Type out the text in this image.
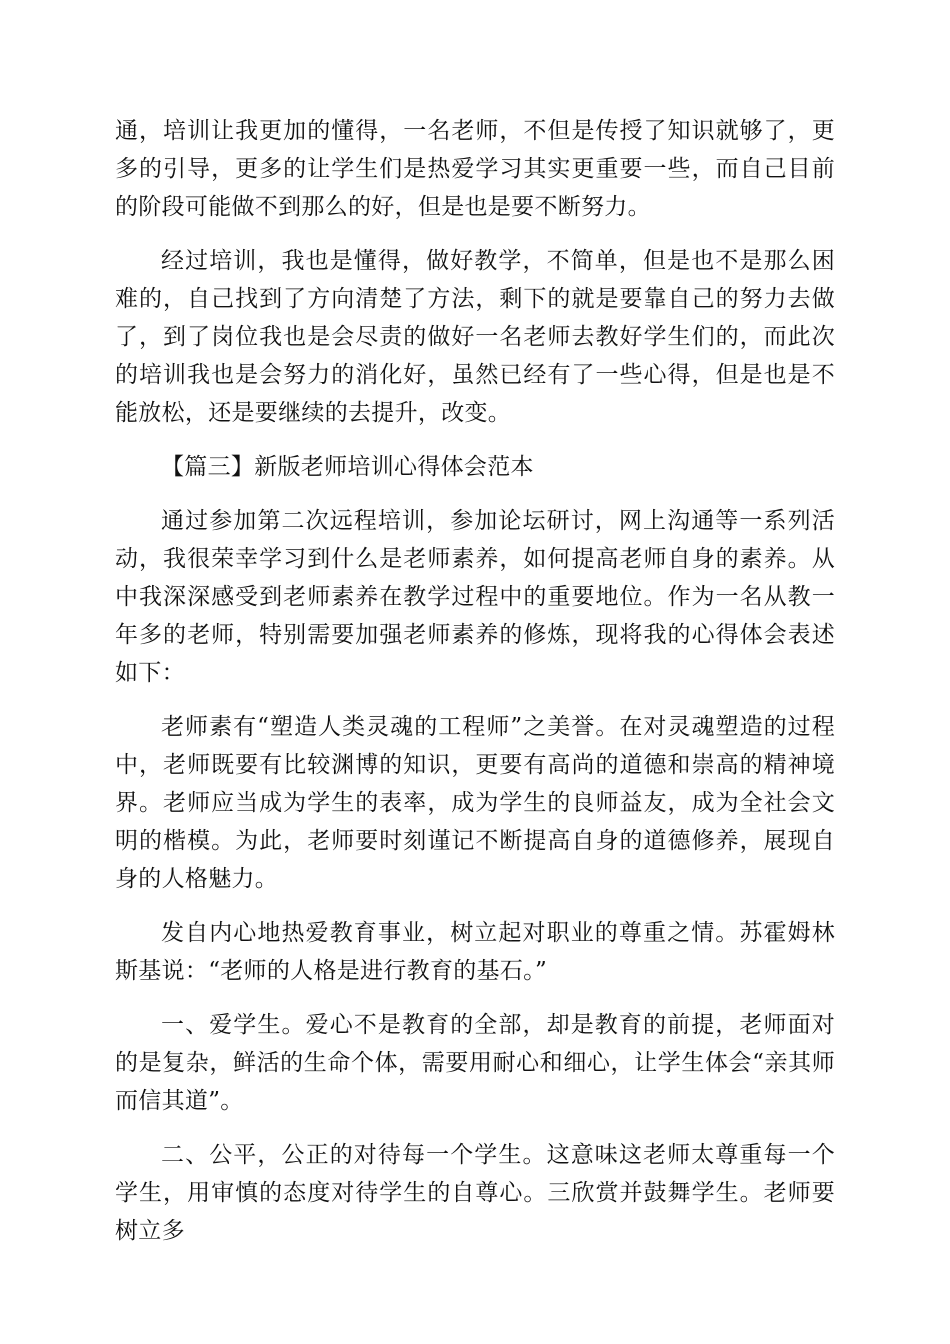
通，培训让我更加的懂得，一名老师，不但是传授了知识就够了，更多的引导，更多的让学生们是热爱学习其实更重要一些，而自己目前的阶段可能做不到那么的好，但是也是要不断努力。

经过培训，我也是懂得，做好教学，不简单，但是也不是那么困难的，自己找到了方向清楚了方法，剩下的就是要靠自己的努力去做了，到了岗位我也是会尽责的做好一名老师去教好学生们的，而此次的培训我也是会努力的消化好，虽然已经有了一些心得，但是也是不能放松，还是要继续的去提升，改变。

【篇三】新版老师培训心得体会范本

通过参加第二次远程培训，参加论坛研讨，网上沟通等一系列活动，我很荣幸学习到什么是老师素养，如何提高老师自身的素养。从中我深深感受到老师素养在教学过程中的重要地位。作为一名从教一年多的老师，特别需要加强老师素养的修炼，现将我的心得体会表述如下：

老师素有“塑造人类灵魂的工程师”之美誉。在对灵魂塑造的过程中，老师既要有比较渊博的知识，更要有高尚的道德和崇高的精神境界。老师应当成为学生的表率，成为学生的良师益友，成为全社会文明的楷模。为此，老师要时刻谨记不断提高自身的道德修养，展现自身的人格魅力。

发自内心地热爱教育事业，树立起对职业的尊重之情。苏霍姆林斯基说：“老师的人格是进行教育的基石。”

一、爱学生。爱心不是教育的全部，却是教育的前提，老师面对的是复杂，鲜活的生命个体，需要用耐心和细心，让学生体会“亲其师而信其道”。

二、公平，公正的对待每一个学生。这意味这老师太尊重每一个学生，用审慎的态度对待学生的自尊心。三欣赏并鼓舞学生。老师要树立多
